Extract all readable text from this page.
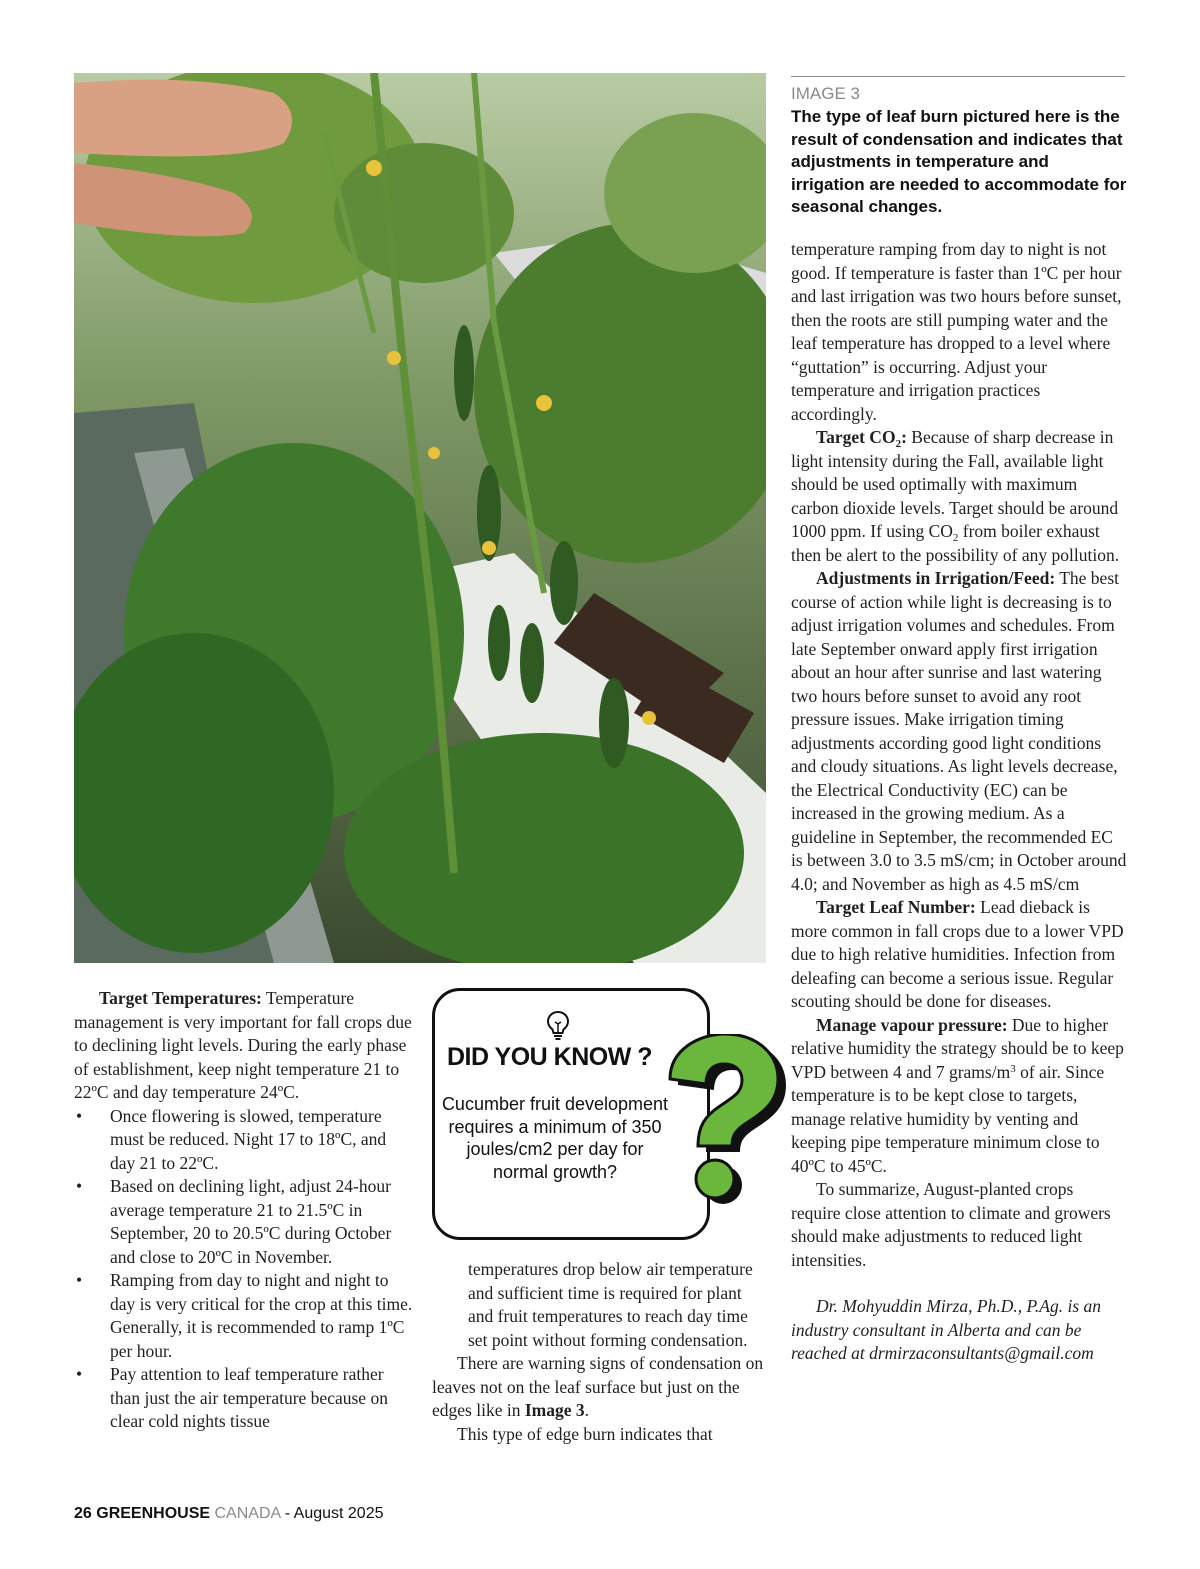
IMAGE 3
The type of leaf burn pictured here is the result of condensation and indicates that adjustments in temperature and irrigation are needed to accommodate for seasonal changes.

temperature ramping from day to night is not good. If temperature is faster than 1ºC per hour and last irrigation was two hours before sunset, then the roots are still pumping water and the leaf temperature has dropped to a level where “guttation” is occurring. Adjust your temperature and irrigation practices accordingly.

Target $CO_2$: Because of sharp decrease in light intensity during the Fall, available light should be used optimally with maximum carbon dioxide levels. Target should be around 1000 ppm. If using $CO_2$ from boiler exhaust then be alert to the possibility of any pollution.

Adjustments in Irrigation/Feed: The best course of action while light is decreasing is to adjust irrigation volumes and schedules. From late September onward apply first irrigation about an hour after sunrise and last watering two hours before sunset to avoid any root pressure issues. Make irrigation timing adjustments according good light conditions and cloudy situations. As light levels decrease, the Electrical Conductivity (EC) can be increased in the growing medium. As a guideline in September, the recommended EC is between 3.0 to 3.5 mS/cm; in October around 4.0; and November as high as 4.5 mS/cm

Target Leaf Number: Lead dieback is more common in fall crops due to a lower VPD due to high relative humidities. Infection from deleafing can become a serious issue. Regular scouting should be done for diseases.

Manage vapour pressure: Due to higher relative humidity the strategy should be to keep VPD between 4 and 7 grams/$m^3$ of air. Since temperature is to be kept close to targets, manage relative humidity by venting and keeping pipe temperature minimum close to 40ºC to 45ºC.

To summarize, August-planted crops require close attention to climate and growers should make adjustments to reduced light intensities.

Dr. Mohyuddin Mirza, Ph.D., P.Ag. is an industry consultant in Alberta and can be reached at drmirzaconsultants@gmail.com

Target Temperatures: Temperature management is very important for fall crops due to declining light levels. During the early phase of establishment, keep night temperature 21 to 22ºC and day temperature 24ºC.

• Once flowering is slowed, temperature must be reduced. Night 17 to 18ºC, and day 21 to 22ºC.
• Based on declining light, adjust 24-hour average temperature 21 to 21.5ºC in September, 20 to 20.5ºC during October and close to 20ºC in November.
• Ramping from day to night and night to day is very critical for the crop at this time. Generally, it is recommended to ramp 1ºC per hour.
• Pay attention to leaf temperature rather than just the air temperature because on clear cold nights tissue
DID YOU KNOW ?
Cucumber fruit development requires a minimum of 350 joules/cm2 per day for normal growth?

temperatures drop below air temperature and sufficient time is required for plant and fruit temperatures to reach day time set point without forming condensation.

There are warning signs of condensation on leaves not on the leaf surface but just on the edges like in Image 3.

This type of edge burn indicates that

26 GREENHOUSE CANADA - August 2025
